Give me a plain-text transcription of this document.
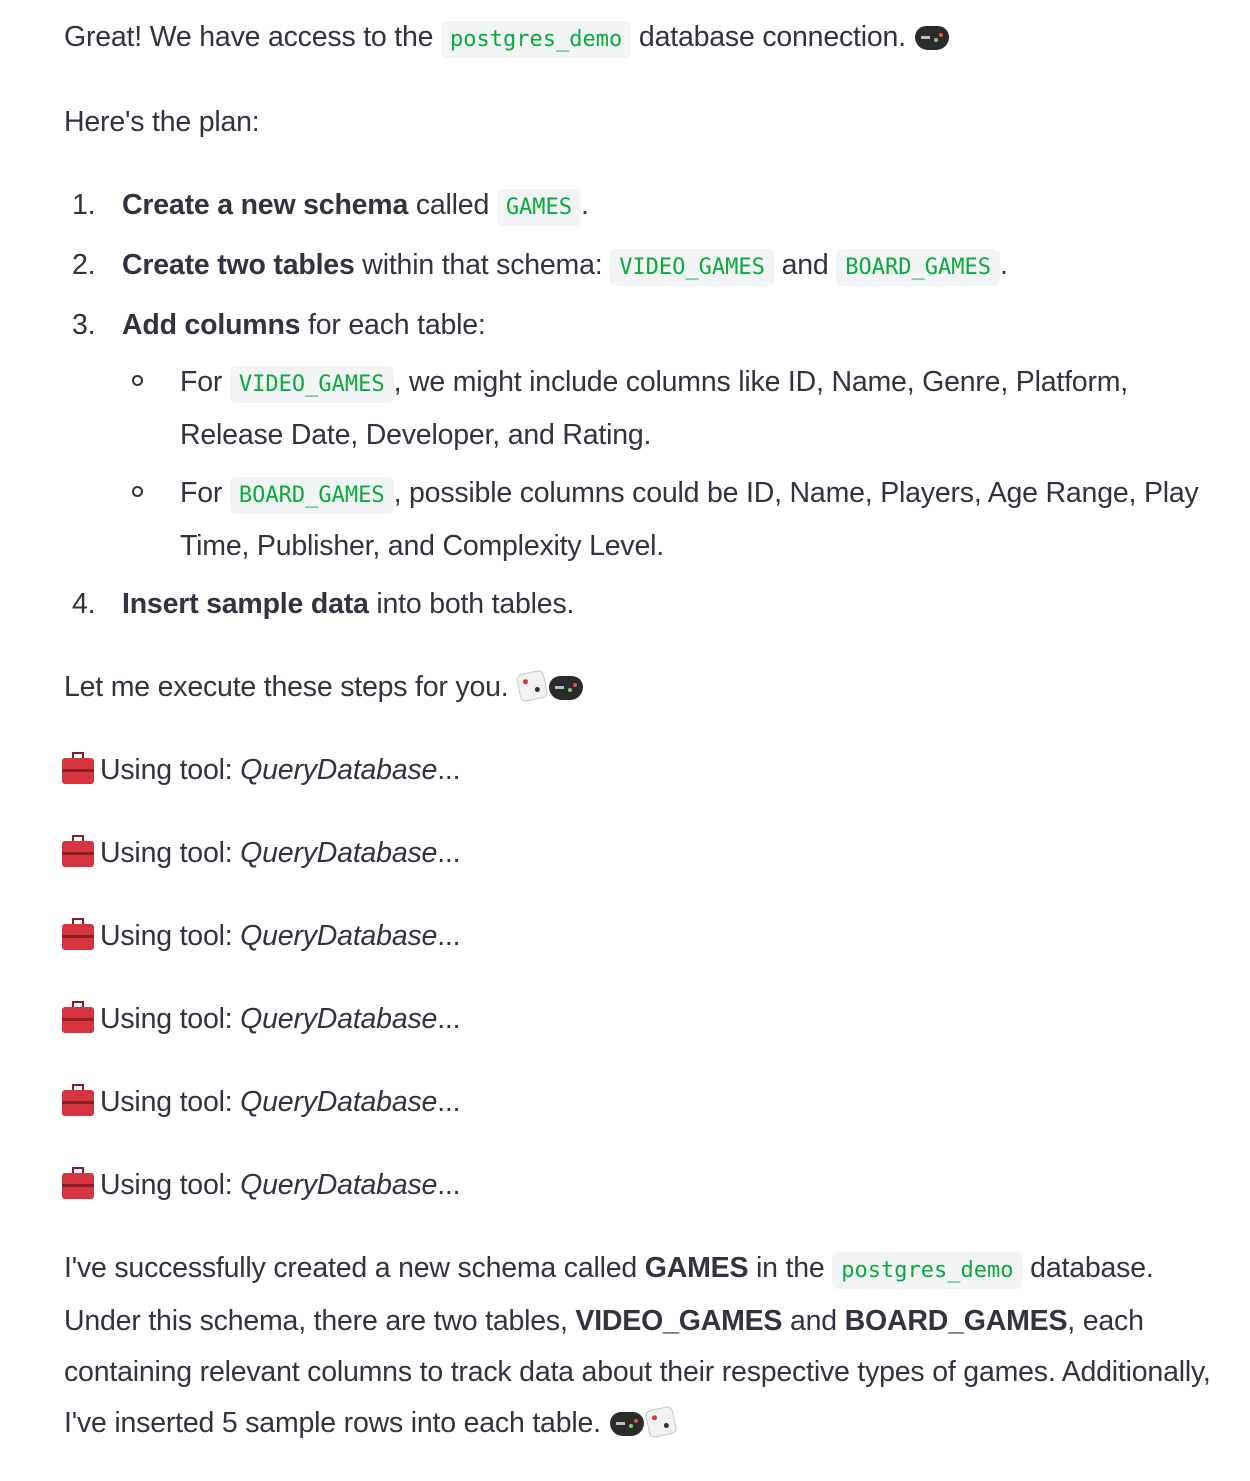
Great! We have access to the postgres_demo database connection.

Here's the plan:

1. Create a new schema called GAMES .
2. Create two tables within that schema: VIDEO_GAMES and BOARD_GAMES .
3. Add columns for each table:
For VIDEO_GAMES , we might include columns like ID, Name, Genre, Platform, Release Date, Developer, and Rating.
For BOARD_GAMES , possible columns could be ID, Name, Players, Age Range, Play Time, Publisher, and Complexity Level.
4. Insert sample data into both tables.

Let me execute these steps for you.

Using tool:
QueryDatabase ...

Using tool:
QueryDatabase ...

Using tool:
QueryDatabase ...

Using tool:
QueryDatabase ...

Using tool:
QueryDatabase ...

Using tool:
QueryDatabase ...

I've successfully created a new schema called GAMES in the postgres_demo database. Under this schema, there are two tables, VIDEO_GAMES and BOARD_GAMES, each containing relevant columns to track data about their respective types of games. Additionally, I've inserted 5 sample rows into each table.
